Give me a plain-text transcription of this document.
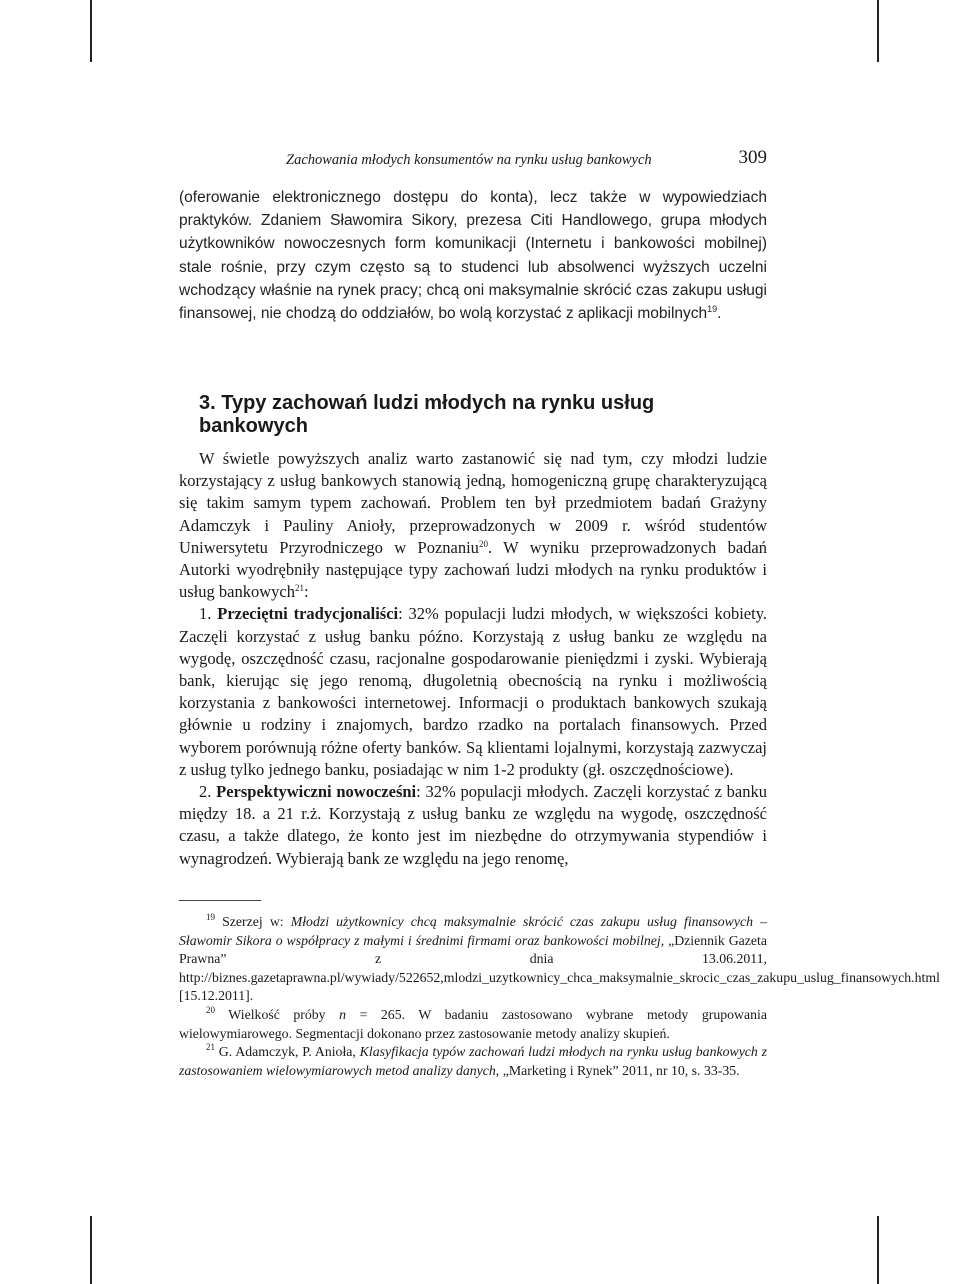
Zachowania młodych konsumentów na rynku usług bankowych	309

(oferowanie elektronicznego dostępu do konta), lecz także w wypowiedziach praktyków. Zdaniem Sławomira Sikory, prezesa Citi Handlowego, grupa młodych użytkowników nowoczesnych form komunikacji (Internetu i bankowości mobilnej) stale rośnie, przy czym często są to studenci lub absolwenci wyższych uczelni wchodzący właśnie na rynek pracy; chcą oni maksymalnie skrócić czas zakupu usługi finansowej, nie chodzą do oddziałów, bo wolą korzystać z aplikacji mobilnych$^{19}$.

3. Typy zachowań ludzi młodych na rynku usług bankowych

W świetle powyższych analiz warto zastanowić się nad tym, czy młodzi ludzie korzystający z usług bankowych stanowią jedną, homogeniczną grupę charakteryzującą się takim samym typem zachowań. Problem ten był przedmiotem badań Grażyny Adamczyk i Pauliny Anioły, przeprowadzonych w 2009 r. wśród studentów Uniwersytetu Przyrodniczego w Poznaniu$^{20}$. W wyniku przeprowadzonych badań Autorki wyodrębniły następujące typy zachowań ludzi młodych na rynku produktów i usług bankowych$^{21}$:

1. Przeciętni tradycjonaliści: 32% populacji ludzi młodych, w większości kobiety. Zaczęli korzystać z usług banku późno. Korzystają z usług banku ze względu na wygodę, oszczędność czasu, racjonalne gospodarowanie pieniędzmi i zyski. Wybierają bank, kierując się jego renomą, długoletnią obecnością na rynku i możliwością korzystania z bankowości internetowej. Informacji o produktach bankowych szukają głównie u rodziny i znajomych, bardzo rzadko na portalach finansowych. Przed wyborem porównują różne oferty banków. Są klientami lojalnymi, korzystają zazwyczaj z usług tylko jednego banku, posiadając w nim 1-2 produkty (gł. oszczędnościowe).

2. Perspektywiczni nowocześni: 32% populacji młodych. Zaczęli korzystać z banku między 18. a 21 r.ż. Korzystają z usług banku ze względu na wygodę, oszczędność czasu, a także dlatego, że konto jest im niezbędne do otrzymywania stypendiów i wynagrodzeń. Wybierają bank ze względu na jego renomę,

$^{19}$ Szerzej w: Młodzi użytkownicy chcą maksymalnie skrócić czas zakupu usług finansowych – Sławomir Sikora o współpracy z małymi i średnimi firmami oraz bankowości mobilnej, „Dziennik Gazeta Prawna” z dnia 13.06.2011, http://biznes.gazetaprawna.pl/wywiady/522652,mlodzi_uzytkownicy_chca_maksymalnie_skrocic_czas_zakupu_uslug_finansowych.html [15.12.2011].

$^{20}$ Wielkość próby n = 265. W badaniu zastosowano wybrane metody grupowania wielowymiarowego. Segmentacji dokonano przez zastosowanie metody analizy skupień.

$^{21}$ G. Adamczyk, P. Anioła, Klasyfikacja typów zachowań ludzi młodych na rynku usług bankowych z zastosowaniem wielowymiarowych metod analizy danych, „Marketing i Rynek” 2011, nr 10, s. 33-35.
